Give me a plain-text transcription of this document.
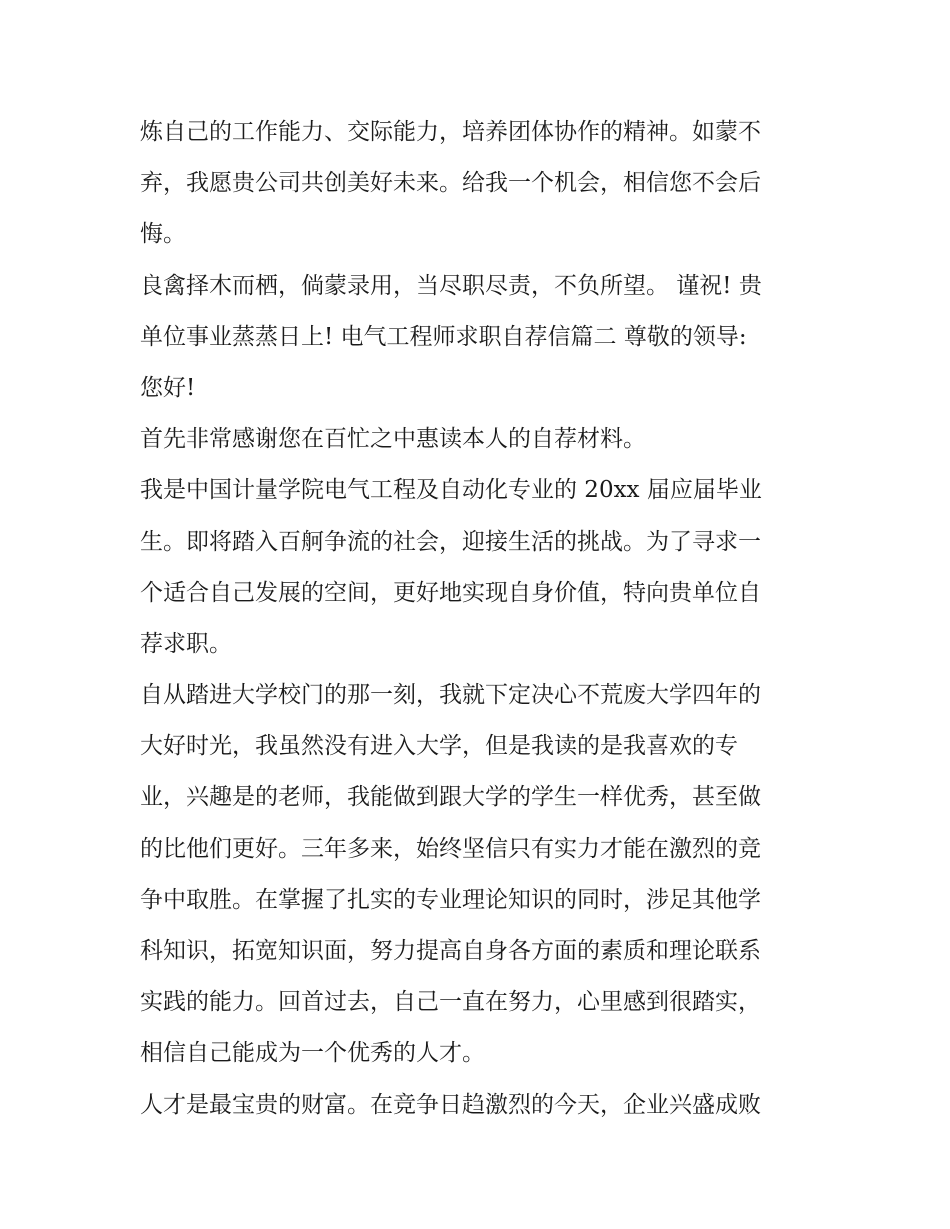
炼自己的工作能力、交际能力，培养团体协作的精神。如蒙不
弃，我愿贵公司共创美好未来。给我一个机会，相信您不会后
悔。
良禽择木而栖，倘蒙录用，当尽职尽责，不负所望。 谨祝! 贵
单位事业蒸蒸日上! 电气工程师求职自荐信篇二 尊敬的领导:
您好!
首先非常感谢您在百忙之中惠读本人的自荐材料。
我是中国计量学院电气工程及自动化专业的 20xx 届应届毕业
生。即将踏入百舸争流的社会，迎接生活的挑战。为了寻求一
个适合自己发展的空间，更好地实现自身价值，特向贵单位自
荐求职。
自从踏进大学校门的那一刻，我就下定决心不荒废大学四年的
大好时光，我虽然没有进入大学，但是我读的是我喜欢的专
业，兴趣是的老师，我能做到跟大学的学生一样优秀，甚至做
的比他们更好。三年多来，始终坚信只有实力才能在激烈的竞
争中取胜。在掌握了扎实的专业理论知识的同时，涉足其他学
科知识，拓宽知识面，努力提高自身各方面的素质和理论联系
实践的能力。回首过去，自己一直在努力，心里感到很踏实，
相信自己能成为一个优秀的人才。
人才是最宝贵的财富。在竞争日趋激烈的今天，企业兴盛成败
